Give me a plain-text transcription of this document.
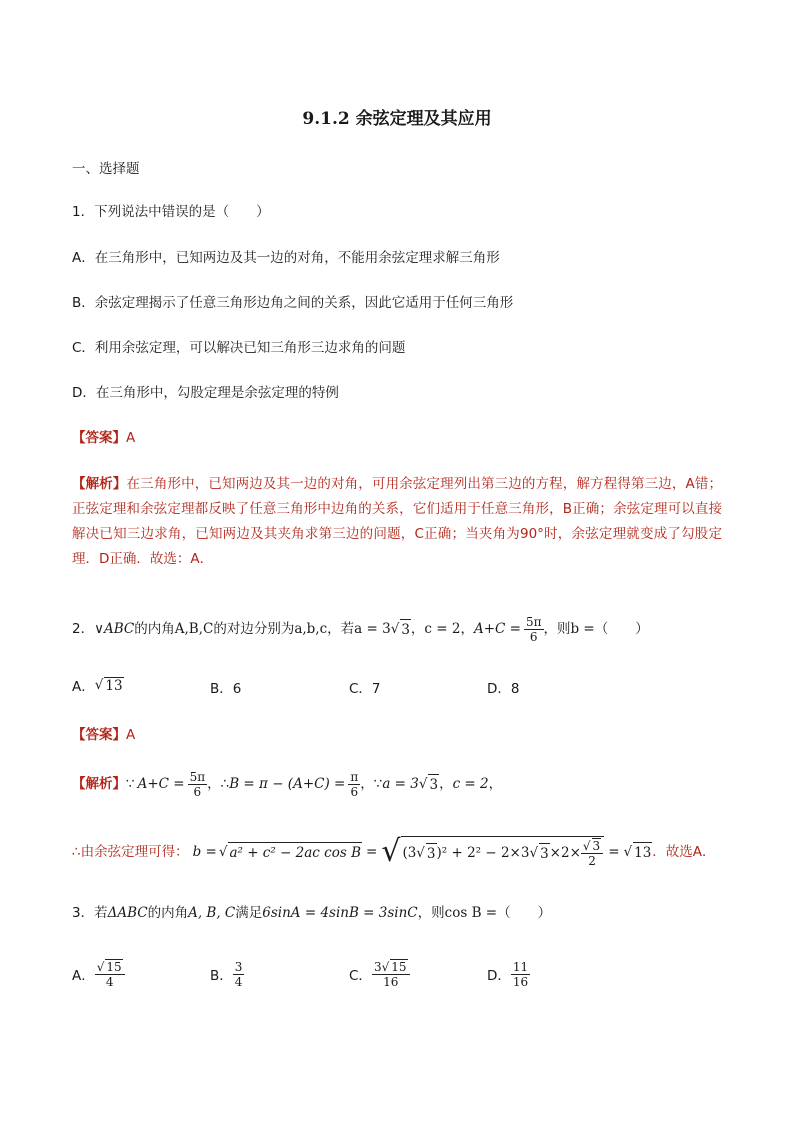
9.1.2 余弦定理及其应用
一、选择题
1．下列说法中错误的是（　　）
A．在三角形中，已知两边及其一边的对角，不能用余弦定理求解三角形
B．余弦定理揭示了任意三角形边角之间的关系，因此它适用于任何三角形
C．利用余弦定理，可以解决已知三角形三边求角的问题
D．在三角形中，勾股定理是余弦定理的特例
【答案】A
【解析】在三角形中，已知两边及其一边的对角，可用余弦定理列出第三边的方程，解方程得第三边，A错；正弦定理和余弦定理都反映了任意三角形中边角的关系，它们适用于任意三角形，B正确；余弦定理可以直接解决已知三边求角，已知两边及其夹角求第三边的问题，C正确；当夹角为90°时，余弦定理就变成了勾股定理．D正确．故选：A．
2． ∨ABC 的内角 A,B,C 的对边分别为 a,b,c ，若 a = 3 √ 3 ， c = 2 ， $A+C = \frac{5\pi}{6}$ ，则 b = （　　）
A． √ 13	B．6	C．7	D．8
【答案】A
【解析】 ∵ $A+C = \frac{5\pi}{6}$ ，∴ $B = \pi - (A+C) = \frac{\pi}{6}$ ，∵ a = 3 √ 3 ， c = 2 ，
∴由余弦定理可得： b = √ a² + c² − 2ac cos B = √ (3 √ 3 )² + 2² − 2×3 √ $3 \times 2\times \frac{√ 3}{2}$ = √ 13 ．故选 A．
3．若 ΔABC 的内角 A, B, C 满足 6sinA = 4sinB = 3sinC ，则 cos B = （　　）
A． $\frac{√ 15}{4}$	B． $\frac{3}{4}$	C． $\frac{3√ 15}{16}$	D． $\frac{11}{16}$
